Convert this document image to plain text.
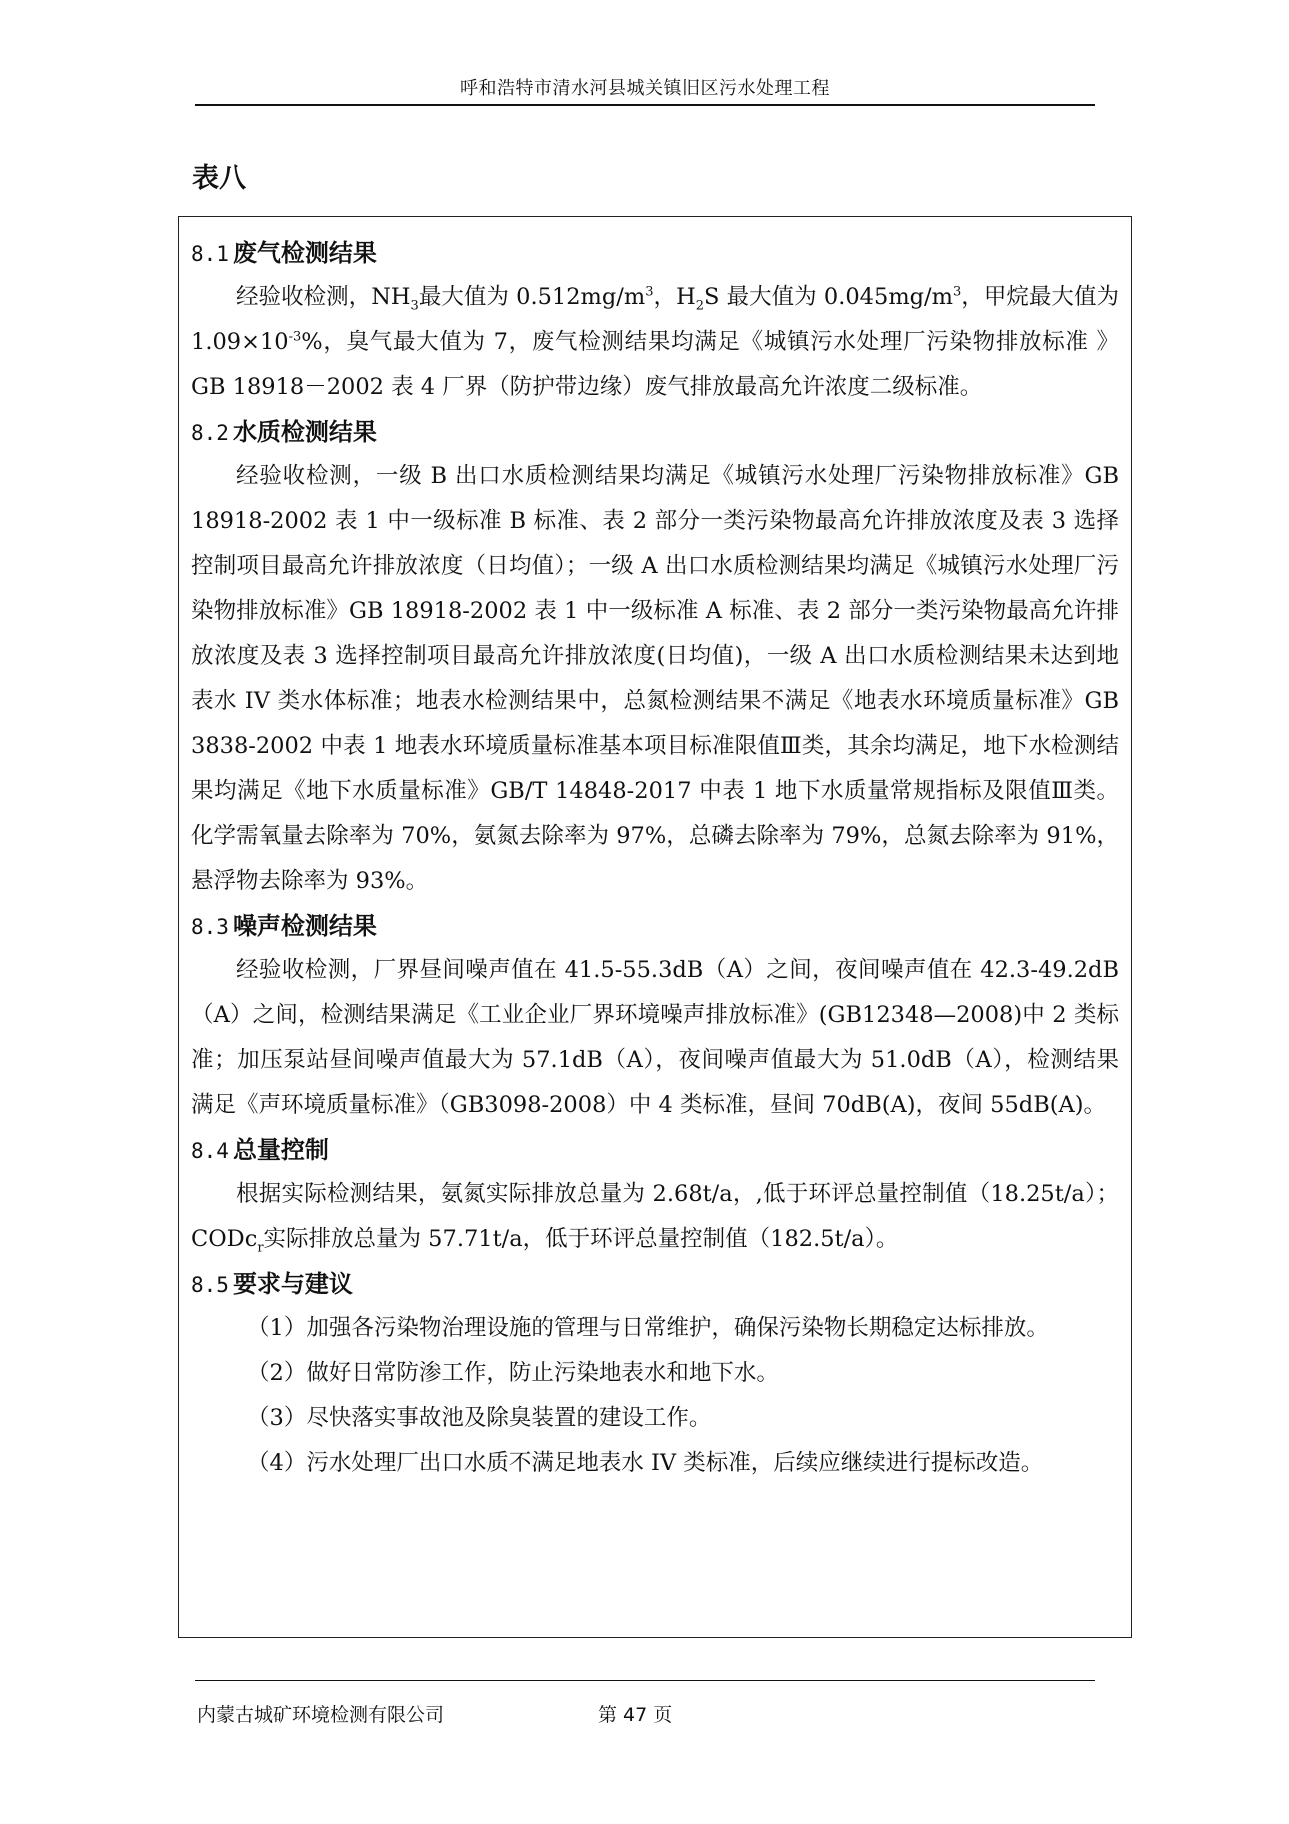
呼和浩特市清水河县城关镇旧区污水处理工程
表八
8.1 废气检测结果

经验收检测，$NH_3$最大值为 $0.512mg/m^3$，$H_2S$ 最大值为 $0.045mg/m^3$，甲烷最大值为 $1.09\times 10^{-3}\%$，臭气最大值为 7，废气检测结果均满足《城镇污水处理厂污染物排放标准 》GB 18918－2002 表 4 厂界（防护带边缘）废气排放最高允许浓度二级标准。

8.2 水质检测结果

经验收检测，一级 B 出口水质检测结果均满足《城镇污水处理厂污染物排放标准》GB 18918-2002 表 1 中一级标准 B 标准、表 2 部分一类污染物最高允许排放浓度及表 3 选择控制项目最高允许排放浓度（日均值）；一级 A 出口水质检测结果均满足《城镇污水处理厂污染物排放标准》GB 18918-2002 表 1 中一级标准 A 标准、表 2 部分一类污染物最高允许排放浓度及表 3 选择控制项目最高允许排放浓度(日均值)，一级 A 出口水质检测结果未达到地表水 IV 类水体标准；地表水检测结果中，总氮检测结果不满足《地表水环境质量标准》GB 3838-2002 中表 1 地表水环境质量标准基本项目标准限值Ⅲ类，其余均满足，地下水检测结果均满足《地下水质量标准》GB/T 14848-2017 中表 1 地下水质量常规指标及限值Ⅲ类。化学需氧量去除率为 70%，氨氮去除率为 97%，总磷去除率为 79%，总氮去除率为 91%，悬浮物去除率为 93%。

8.3 噪声检测结果

经验收检测，厂界昼间噪声值在 41.5-55.3dB（A）之间，夜间噪声值在 42.3-49.2dB（A）之间，检测结果满足《工业企业厂界环境噪声排放标准》(GB12348—2008)中 2 类标准；加压泵站昼间噪声值最大为 57.1dB（A），夜间噪声值最大为 51.0dB（A），检测结果满足《声环境质量标准》（GB3098-2008）中 4 类标准，昼间 70dB(A)，夜间 55dB(A)。

8.4 总量控制

根据实际检测结果，氨氮实际排放总量为 2.68t/a，,低于环评总量控制值（18.25t/a）；CODc$_r$实际排放总量为 57.71t/a，低于环评总量控制值（182.5t/a）。

8.5 要求与建议

（1）加强各污染物治理设施的管理与日常维护，确保污染物长期稳定达标排放。

（2）做好日常防渗工作，防止污染地表水和地下水。

（3）尽快落实事故池及除臭装置的建设工作。

（4）污水处理厂出口水质不满足地表水 IV 类标准，后续应继续进行提标改造。

内蒙古城矿环境检测有限公司	第 47 页
